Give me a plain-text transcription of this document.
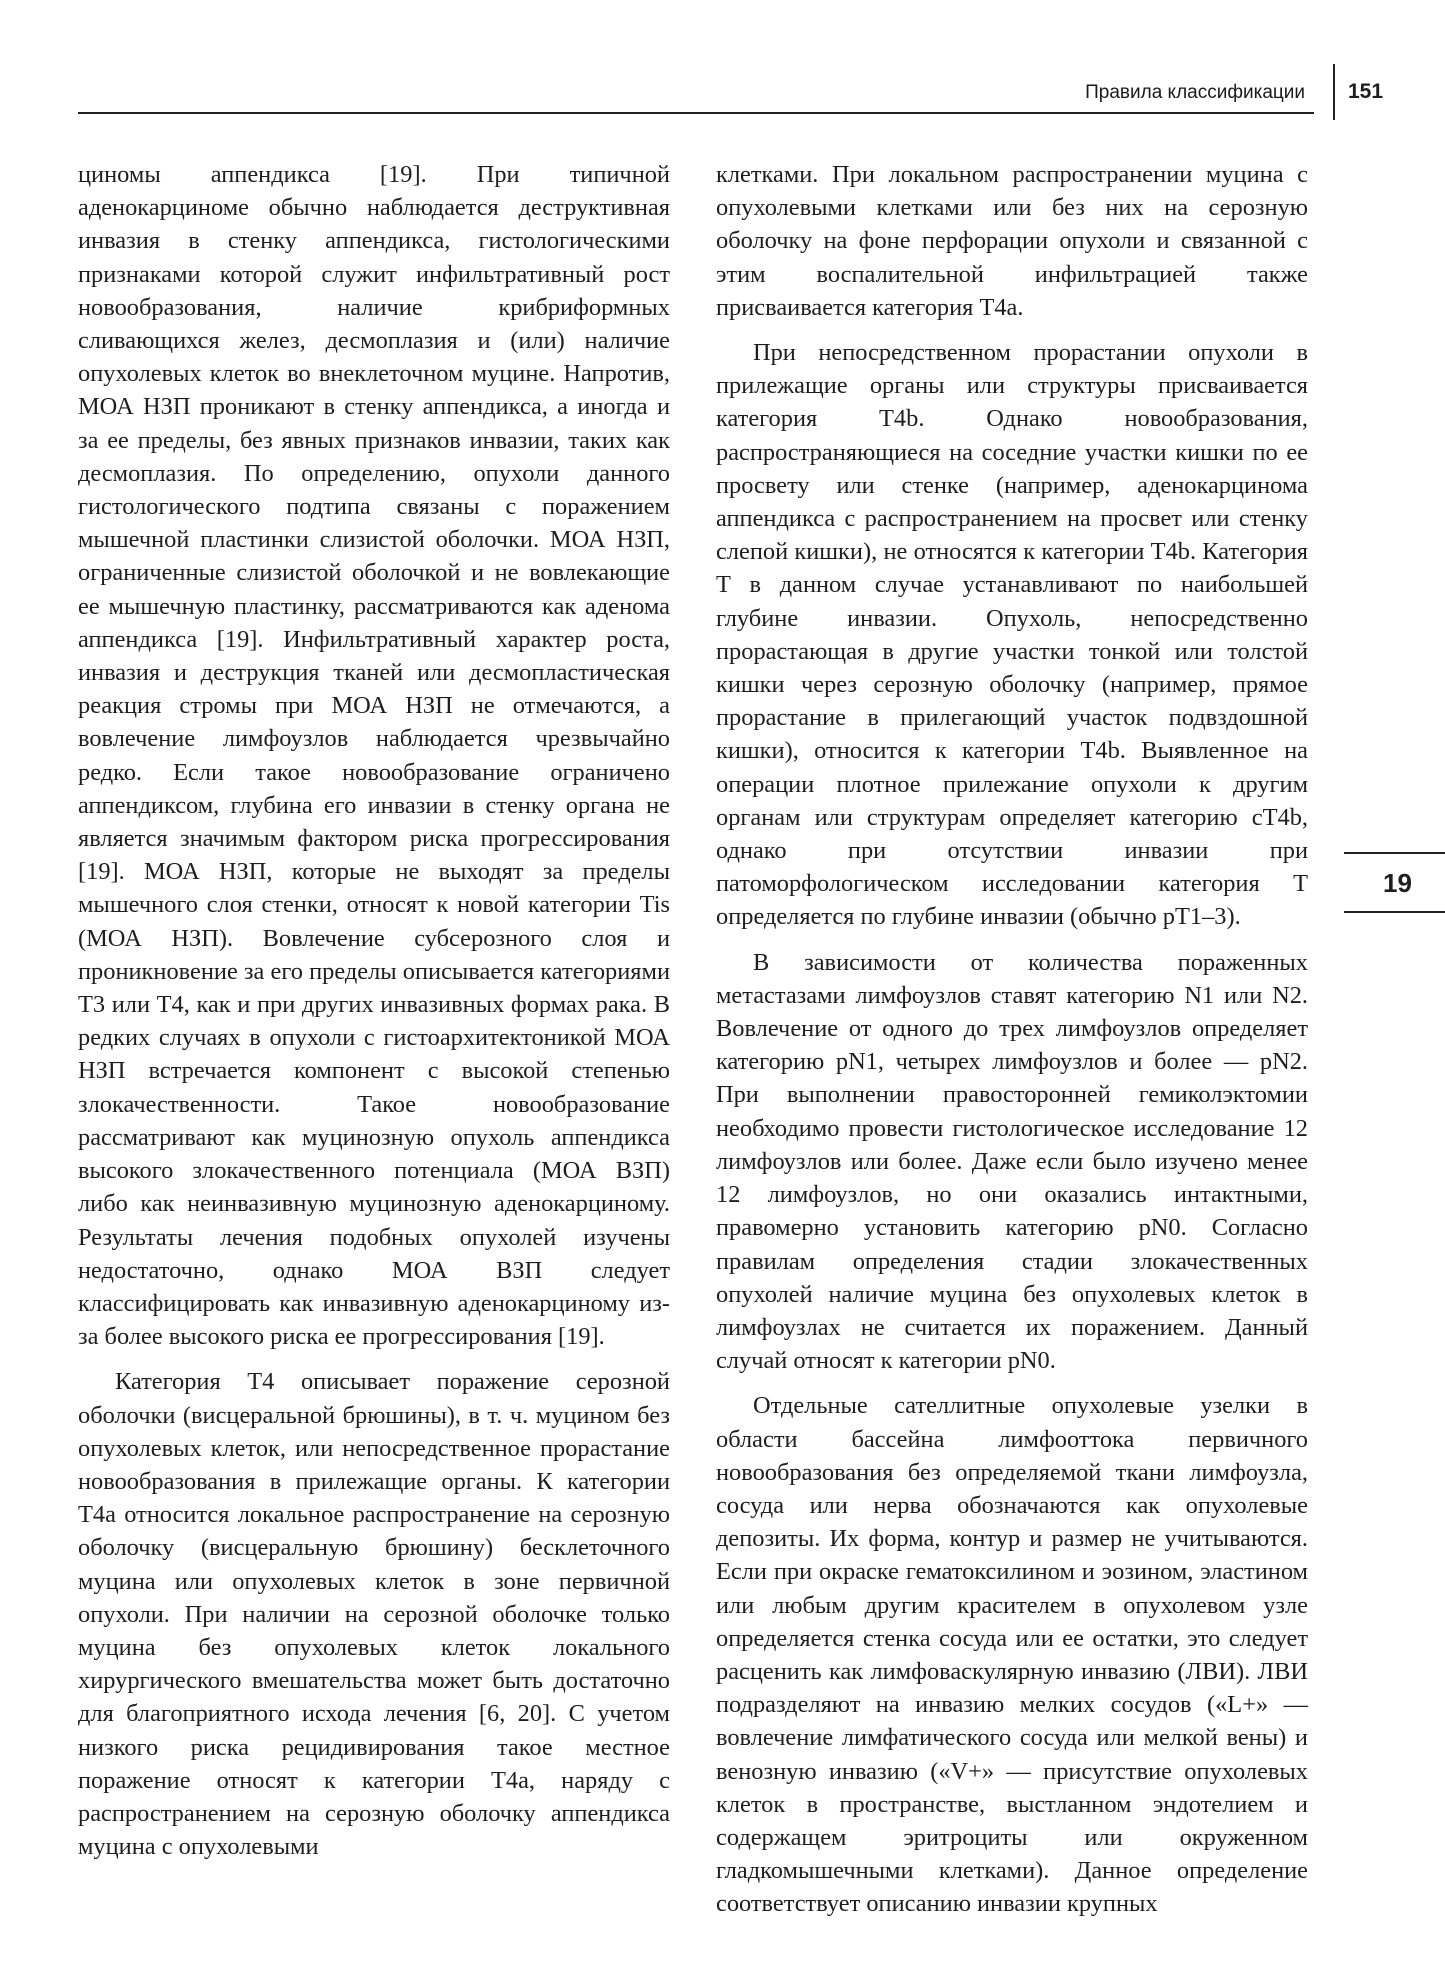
Правила классификации 151
19

циномы аппендикса [19]. При типичной аденокарциноме обычно наблюдается деструктивная инвазия в стенку аппендикса, гистологическими признаками которой служит инфильтративный рост новообразования, наличие крибриформных сливающихся желез, десмоплазия и (или) наличие опухолевых клеток во внеклеточном муцине. Напротив, МОА НЗП проникают в стенку аппендикса, а иногда и за ее пределы, без явных признаков инвазии, таких как десмоплазия. По определению, опухоли данного гистологического подтипа связаны с поражением мышечной пластинки слизистой оболочки. МОА НЗП, ограниченные слизистой оболочкой и не вовлекающие ее мышечную пластинку, рассматриваются как аденома аппендикса [19]. Инфильтративный характер роста, инвазия и деструкция тканей или десмопластическая реакция стромы при МОА НЗП не отмечаются, а вовлечение лимфоузлов наблюдается чрезвычайно редко. Если такое новообразование ограничено аппендиксом, глубина его инвазии в стенку органа не является значимым фактором риска прогрессирования [19]. МОА НЗП, которые не выходят за пределы мышечного слоя стенки, относят к новой категории Tis (МОА НЗП). Вовлечение субсерозного слоя и проникновение за его пределы описывается категориями Т3 или Т4, как и при других инвазивных формах рака. В редких случаях в опухоли с гистоархитектоникой МОА НЗП встречается компонент с высокой степенью злокачественности. Такое новообразование рассматривают как муцинозную опухоль аппендикса высокого злокачественного потенциала (МОА ВЗП) либо как неинвазивную муцинозную аденокарциному. Результаты лечения подобных опухолей изучены недостаточно, однако МОА ВЗП следует классифицировать как инвазивную аденокарциному из-за более высокого риска ее прогрессирования [19].

Категория Т4 описывает поражение серозной оболочки (висцеральной брюшины), в т. ч. муцином без опухолевых клеток, или непосредственное прорастание новообразования в прилежащие органы. К категории Т4а относится локальное распространение на серозную оболочку (висцеральную брюшину) бесклеточного муцина или опухолевых клеток в зоне первичной опухоли. При наличии на серозной оболочке только муцина без опухолевых клеток локального хирургического вмешательства может быть достаточно для благоприятного исхода лечения [6, 20]. С учетом низкого риска рецидивирования такое местное поражение относят к категории Т4а, наряду с распространением на серозную оболочку аппендикса муцина с опухолевыми

клетками. При локальном распространении муцина с опухолевыми клетками или без них на серозную оболочку на фоне перфорации опухоли и связанной с этим воспалительной инфильтрацией также присваивается категория Т4а.

При непосредственном прорастании опухоли в прилежащие органы или структуры присваивается категория Т4b. Однако новообразования, распространяющиеся на соседние участки кишки по ее просвету или стенке (например, аденокарцинома аппендикса с распространением на просвет или стенку слепой кишки), не относятся к категории Т4b. Категория Т в данном случае устанавливают по наибольшей глубине инвазии. Опухоль, непосредственно прорастающая в другие участки тонкой или толстой кишки через серозную оболочку (например, прямое прорастание в прилегающий участок подвздошной кишки), относится к категории Т4b. Выявленное на операции плотное прилежание опухоли к другим органам или структурам определяет категорию сТ4b, однако при отсутствии инвазии при патоморфологическом исследовании категория Т определяется по глубине инвазии (обычно рТ1–3).

В зависимости от количества пораженных метастазами лимфоузлов ставят категорию N1 или N2. Вовлечение от одного до трех лимфоузлов определяет категорию pN1, четырех лимфоузлов и более — pN2. При выполнении правосторонней гемиколэктомии необходимо провести гистологическое исследование 12 лимфоузлов или более. Даже если было изучено менее 12 лимфоузлов, но они оказались интактными, правомерно установить категорию pN0. Согласно правилам определения стадии злокачественных опухолей наличие муцина без опухолевых клеток в лимфоузлах не считается их поражением. Данный случай относят к категории pN0.

Отдельные сателлитные опухолевые узелки в области бассейна лимфооттока первичного новообразования без определяемой ткани лимфоузла, сосуда или нерва обозначаются как опухолевые депозиты. Их форма, контур и размер не учитываются. Если при окраске гематоксилином и эозином, эластином или любым другим красителем в опухолевом узле определяется стенка сосуда или ее остатки, это следует расценить как лимфоваскулярную инвазию (ЛВИ). ЛВИ подразделяют на инвазию мелких сосудов («L+» — вовлечение лимфатического сосуда или мелкой вены) и венозную инвазию («V+» — присутствие опухолевых клеток в пространстве, выстланном эндотелием и содержащем эритроциты или окруженном гладкомышечными клетками). Данное определение соответствует описанию инвазии крупных
